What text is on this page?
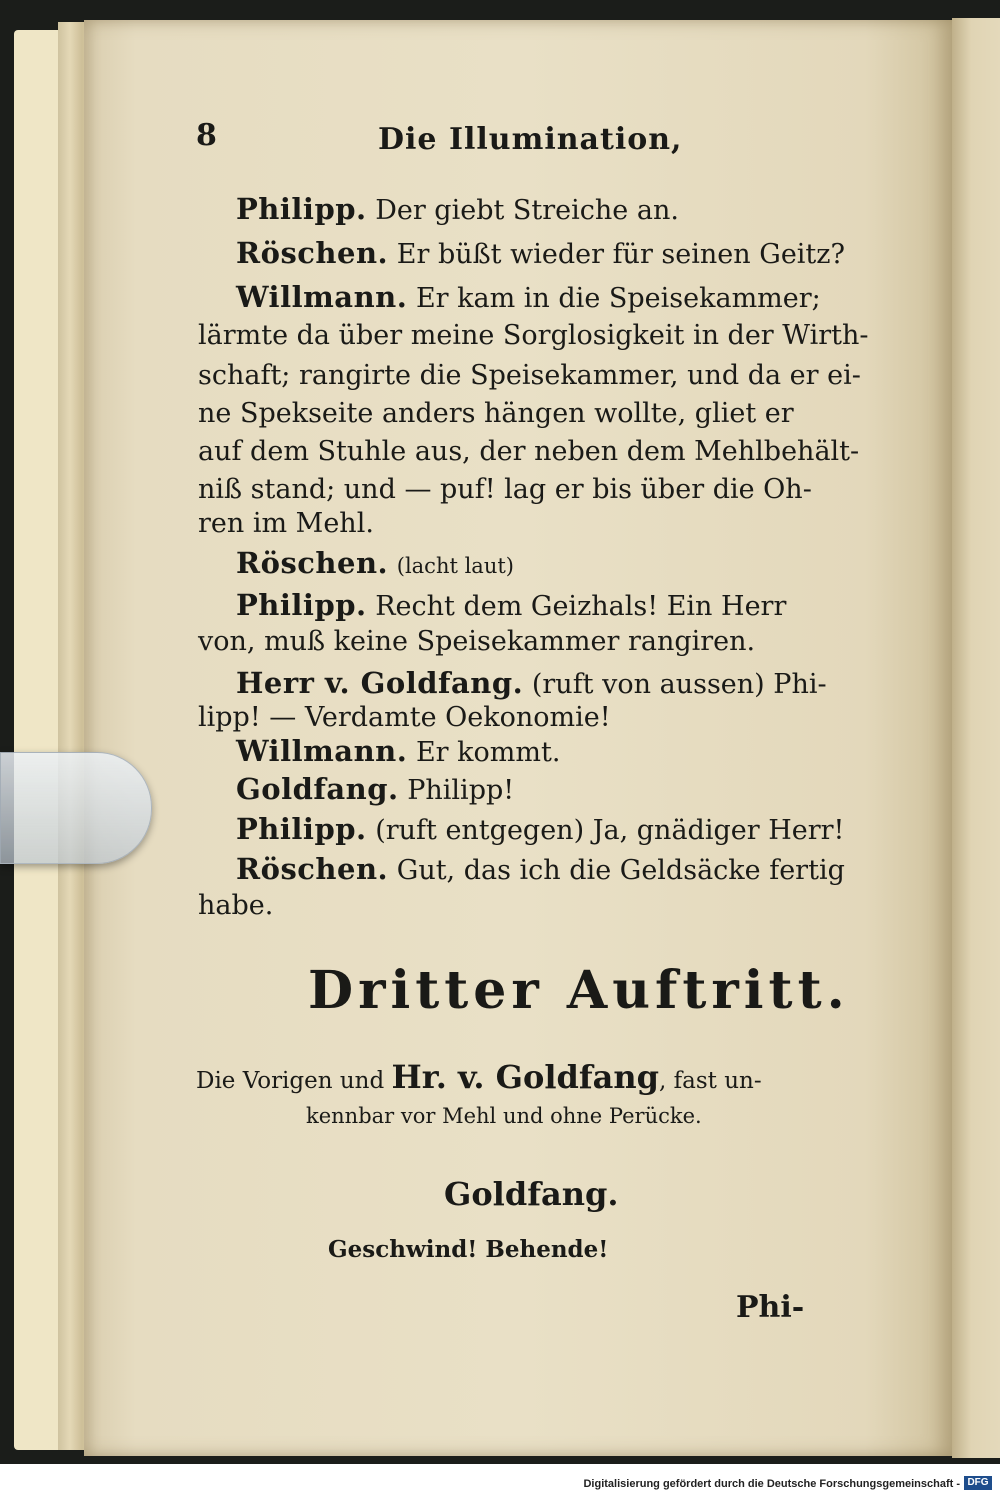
8	Die Illumination,
Philipp. Der giebt Streiche an.
Röschen. Er büßt wieder für seinen Geitz?
Willmann. Er kam in die Speisekammer;
lärmte da über meine Sorglosigkeit in der Wirth-
schaft; rangirte die Speisekammer, und da er ei-
ne Spekseite anders hängen wollte, gliet er
auf dem Stuhle aus, der neben dem Mehlbehält-
niß stand; und — puf! lag er bis über die Oh-
ren im Mehl.
Röschen. (lacht laut)
Philipp. Recht dem Geizhals! Ein Herr
von, muß keine Speisekammer rangiren.
Herr v. Goldfang. (ruft von aussen) Phi-
lipp! — Verdamte Oekonomie!
Willmann. Er kommt.
Goldfang. Philipp!
Philipp. (ruft entgegen) Ja, gnädiger Herr!
Röschen. Gut, das ich die Geldsäcke fertig
habe.
Dritter Auftritt.
Die Vorigen und Hr. v. Goldfang, fast un-
kennbar vor Mehl und ohne Perücke.
Goldfang.
Geschwind! Behende!
Phi-
Digitalisierung gefördert durch die Deutsche Forschungsgemeinschaft - DFG
